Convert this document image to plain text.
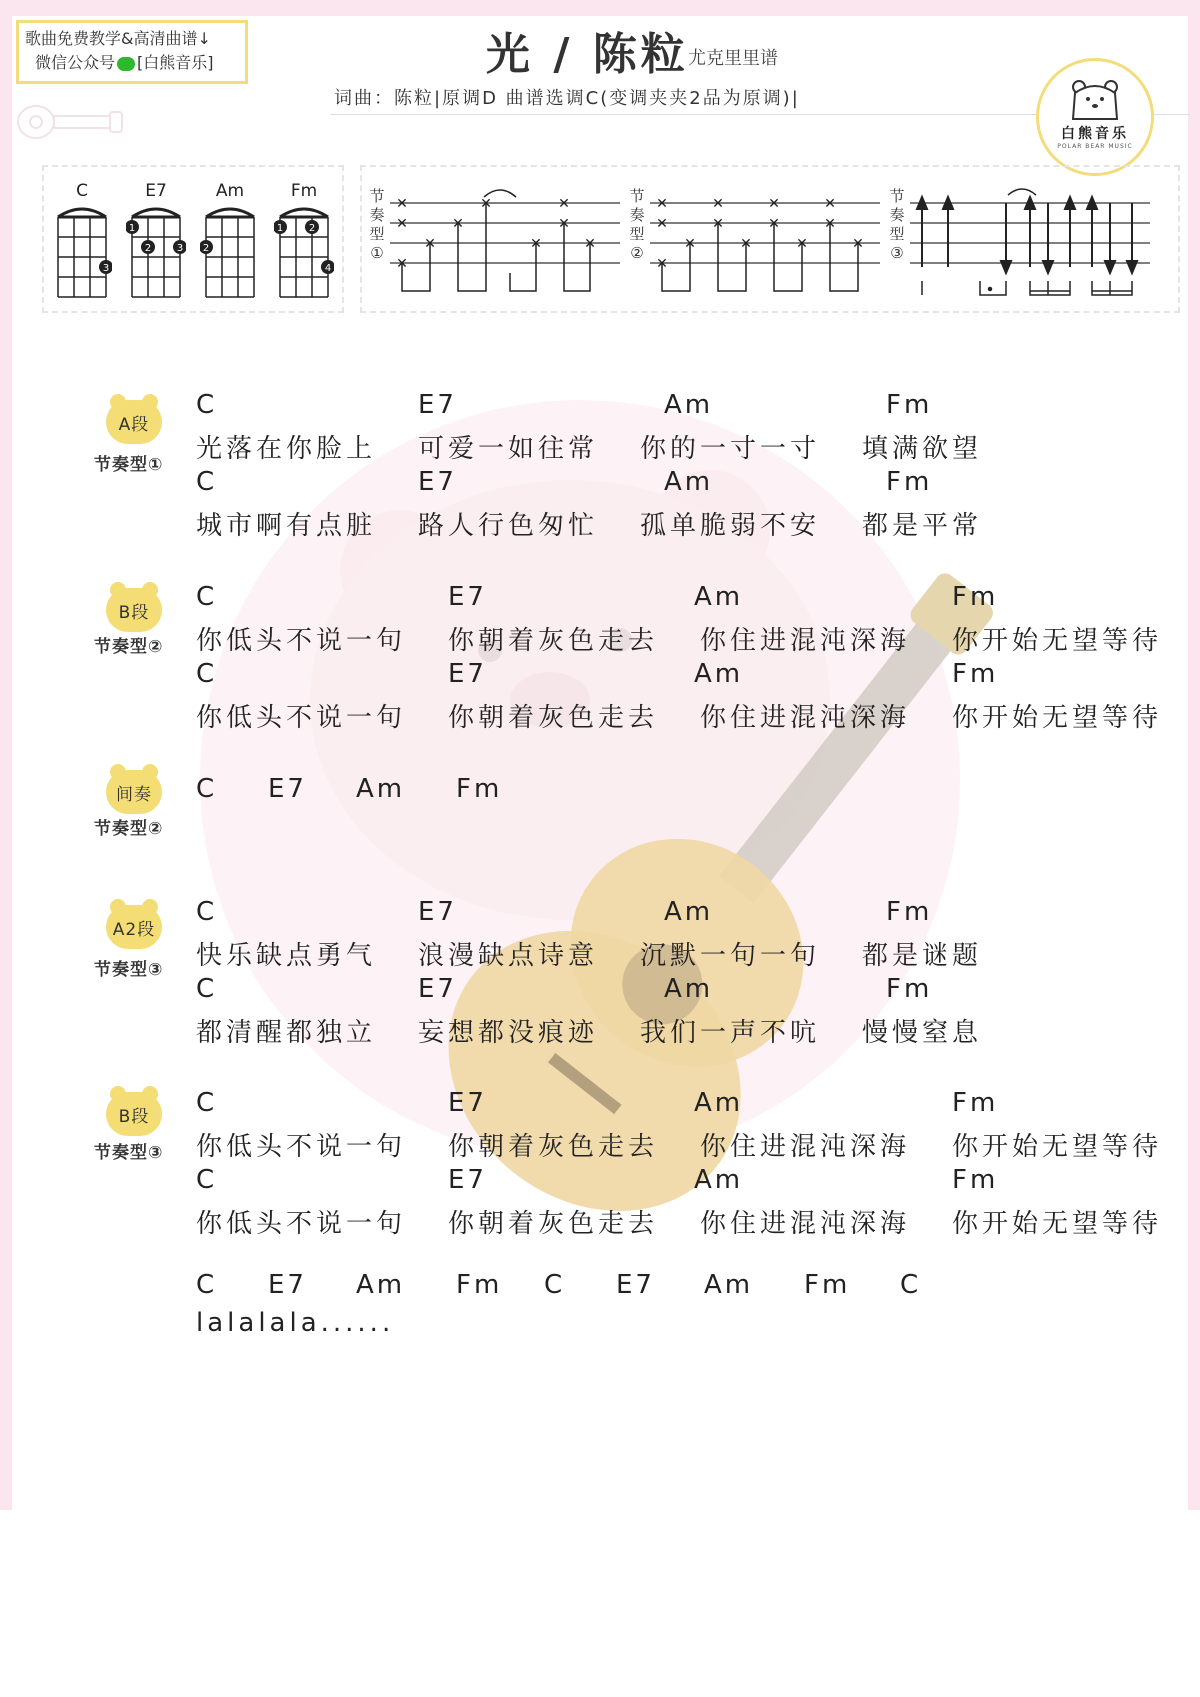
歌曲免费教学&高清曲谱↓
微信公众号 [白熊音乐]	光 / 陈粒 尤克里里谱
词曲：陈粒|原调D 曲谱选调C(变调夹夹2品为原调)|
白熊音乐
POLAR BEAR MUSIC
C
3
E7
1
2	3
Am
2
Fm
1	2
4
节奏型①
✕
✕
✕
✕
✕
✕
✕
✕
✕
✕
节奏型②
✕
✕
✕
✕
✕
✕
✕
✕
✕
✕
✕
✕
✕
节奏型③
A段
节奏型①
C	E7	Am	Fm
光落在你脸上 可爱一如往常 你的一寸一寸 填满欲望
C	E7	Am	Fm
城市啊有点脏 路人行色匆忙 孤单脆弱不安 都是平常
B段
节奏型②
C	E7	Am	Fm
你低头不说一句 你朝着灰色走去 你住进混沌深海 你开始无望等待
C	E7	Am	Fm
你低头不说一句 你朝着灰色走去 你住进混沌深海 你开始无望等待
间奏
节奏型②
C E7 Am Fm
A2段
节奏型③
C	E7	Am	Fm
快乐缺点勇气 浪漫缺点诗意 沉默一句一句 都是谜题
C	E7	Am	Fm
都清醒都独立 妄想都没痕迹 我们一声不吭 慢慢窒息
B段
节奏型③
C	E7	Am	Fm
你低头不说一句 你朝着灰色走去 你住进混沌深海 你开始无望等待
C	E7	Am	Fm
你低头不说一句 你朝着灰色走去 你住进混沌深海 你开始无望等待
C E7 Am Fm C E7 Am Fm C
lalalala......
